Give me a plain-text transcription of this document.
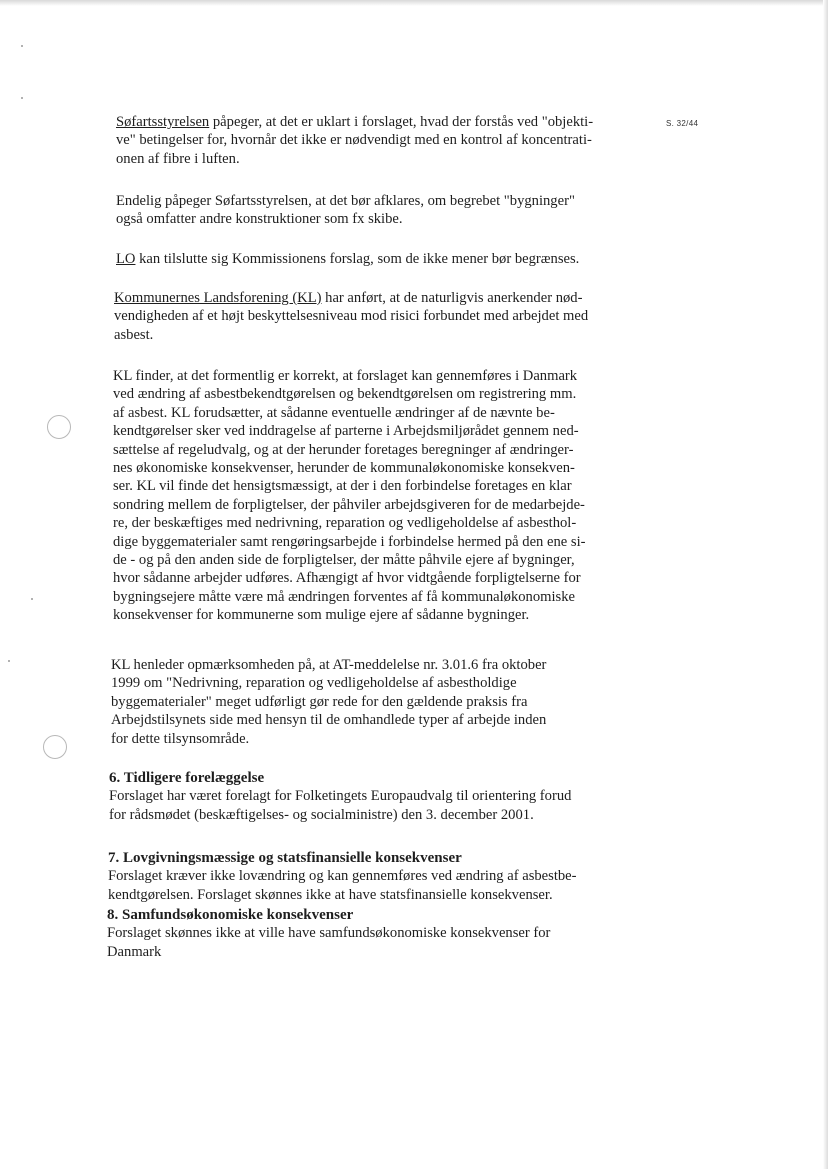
S. 32/44
Søfartsstyrelsen påpeger, at det er uklart i forslaget, hvad der forstås ved "objekti-
ve" betingelser for, hvornår det ikke er nødvendigt med en kontrol af koncentrati-
onen af fibre i luften.
Endelig påpeger Søfartsstyrelsen, at det bør afklares, om begrebet "bygninger"
også omfatter andre konstruktioner som fx skibe.
LO kan tilslutte sig Kommissionens forslag, som de ikke mener bør begrænses.
Kommunernes Landsforening (KL) har anført, at de naturligvis anerkender nød-
vendigheden af et højt beskyttelsesniveau mod risici forbundet med arbejdet med
asbest.
KL finder, at det formentlig er korrekt, at forslaget kan gennemføres i Danmark
ved ændring af asbestbekendtgørelsen og bekendtgørelsen om registrering mm.
af asbest. KL forudsætter, at sådanne eventuelle ændringer af de nævnte be-
kendtgørelser sker ved inddragelse af parterne i Arbejdsmiljørådet gennem ned-
sættelse af regeludvalg, og at der herunder foretages beregninger af ændringer-
nes økonomiske konsekvenser, herunder de kommunaløkonomiske konsekven-
ser. KL vil finde det hensigtsmæssigt, at der i den forbindelse foretages en klar
sondring mellem de forpligtelser, der påhviler arbejdsgiveren for de medarbejde-
re, der beskæftiges med nedrivning, reparation og vedligeholdelse af asbesthol-
dige byggematerialer samt rengøringsarbejde i forbindelse hermed på den ene si-
de - og på den anden side de forpligtelser, der måtte påhvile ejere af bygninger,
hvor sådanne arbejder udføres. Afhængigt af hvor vidtgående forpligtelserne for
bygningsejere måtte være må ændringen forventes af få kommunaløkonomiske
konsekvenser for kommunerne som mulige ejere af sådanne bygninger.
KL henleder opmærksomheden på, at AT-meddelelse nr. 3.01.6 fra oktober
1999 om "Nedrivning, reparation og vedligeholdelse af asbestholdige
byggematerialer" meget udførligt gør rede for den gældende praksis fra
Arbejdstilsynets side med hensyn til de omhandlede typer af arbejde inden
for dette tilsynsområde.
6. Tidligere forelæggelse
Forslaget har været forelagt for Folketingets Europaudvalg til orientering forud
for rådsmødet (beskæftigelses- og socialministre) den 3. december 2001.
7. Lovgivningsmæssige og statsfinansielle konsekvenser
Forslaget kræver ikke lovændring og kan gennemføres ved ændring af asbestbe-
kendtgørelsen. Forslaget skønnes ikke at have statsfinansielle konsekvenser.
8. Samfundsøkonomiske konsekvenser
Forslaget skønnes ikke at ville have samfundsøkonomiske konsekvenser for
Danmark
